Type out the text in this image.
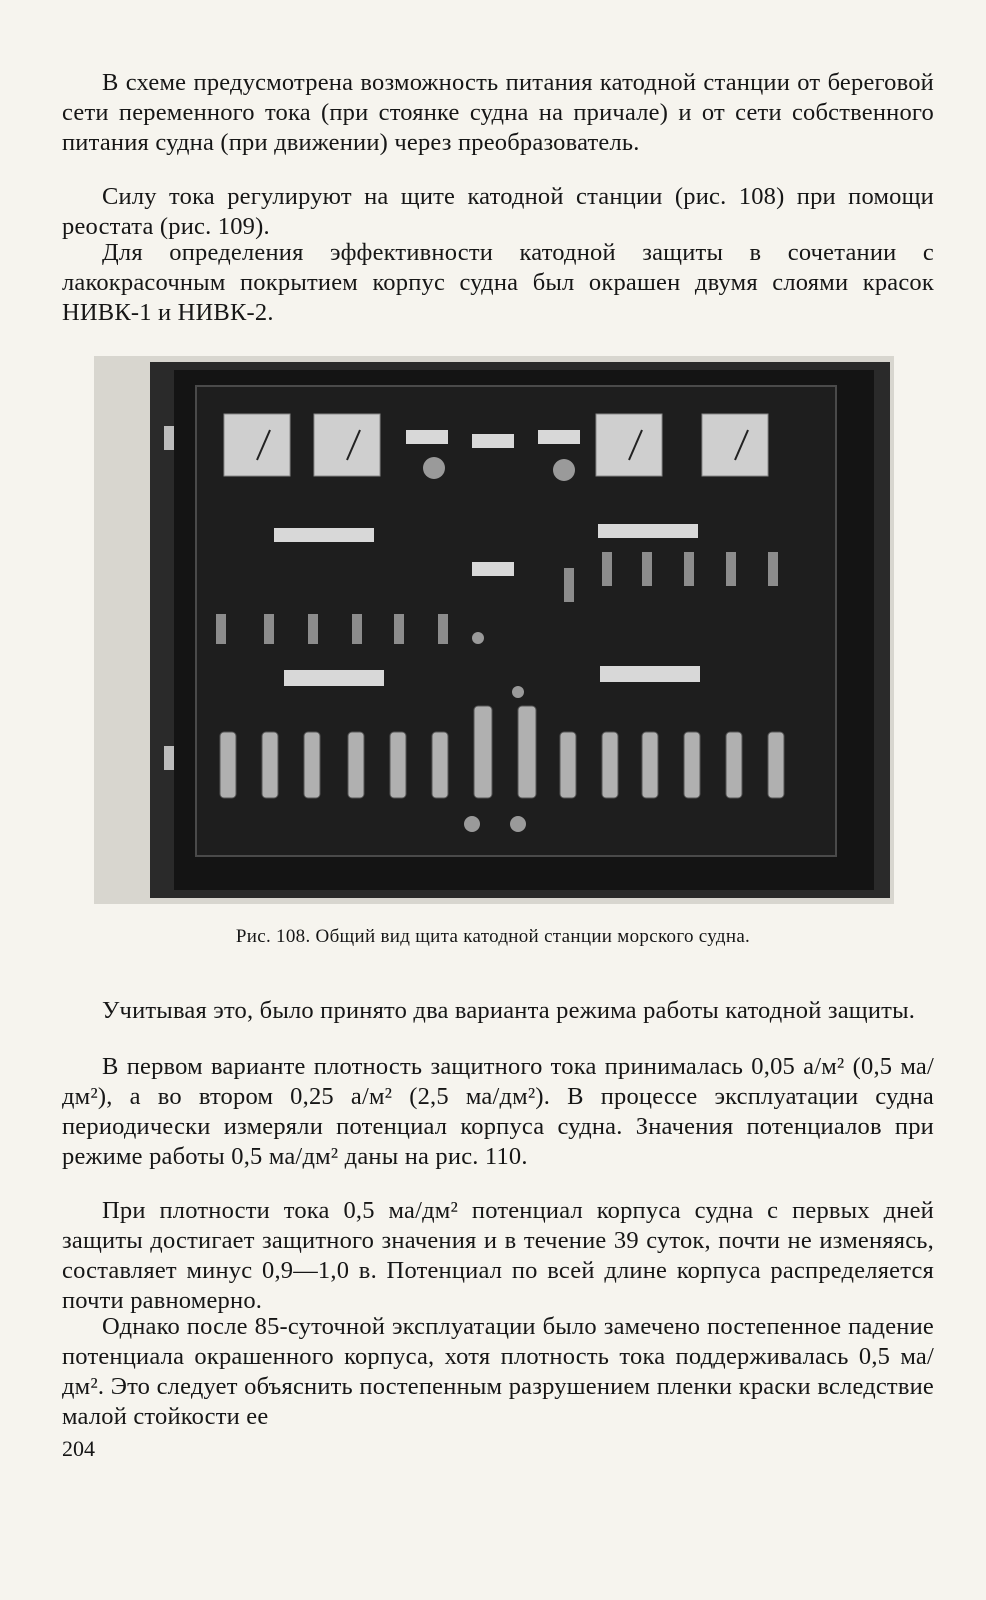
В схеме предусмотрена возможность питания катодной станции от береговой сети переменного тока (при стоянке судна на причале) и от сети собственного питания судна (при движении) через преобразователь.

Силу тока регулируют на щите катодной станции (рис. 108) при помощи реостата (рис. 109).

Для определения эффективности катодной защиты в сочетании с лакокрасочным покрытием корпус судна был окрашен двумя слоями красок НИВК-1 и НИВК-2.

Рис. 108. Общий вид щита катодной станции морского судна.

Учитывая это, было принято два варианта режима работы катодной защиты.

В первом варианте плотность защитного тока принималась 0,05 а/м² (0,5 ма/дм²), а во втором 0,25 а/м² (2,5 ма/дм²). В процессе эксплуатации судна периодически измеряли потенциал корпуса судна. Значения потенциалов при режиме работы 0,5 ма/дм² даны на рис. 110.

При плотности тока 0,5 ма/дм² потенциал корпуса судна с первых дней защиты достигает защитного значения и в течение 39 суток, почти не изменяясь, составляет минус 0,9—1,0 в. Потенциал по всей длине корпуса распределяется почти равномерно.

Однако после 85-суточной эксплуатации было замечено постепенное падение потенциала окрашенного корпуса, хотя плотность тока поддерживалась 0,5 ма/дм². Это следует объяснить постепенным разрушением пленки краски вследствие малой стойкости ее

204
